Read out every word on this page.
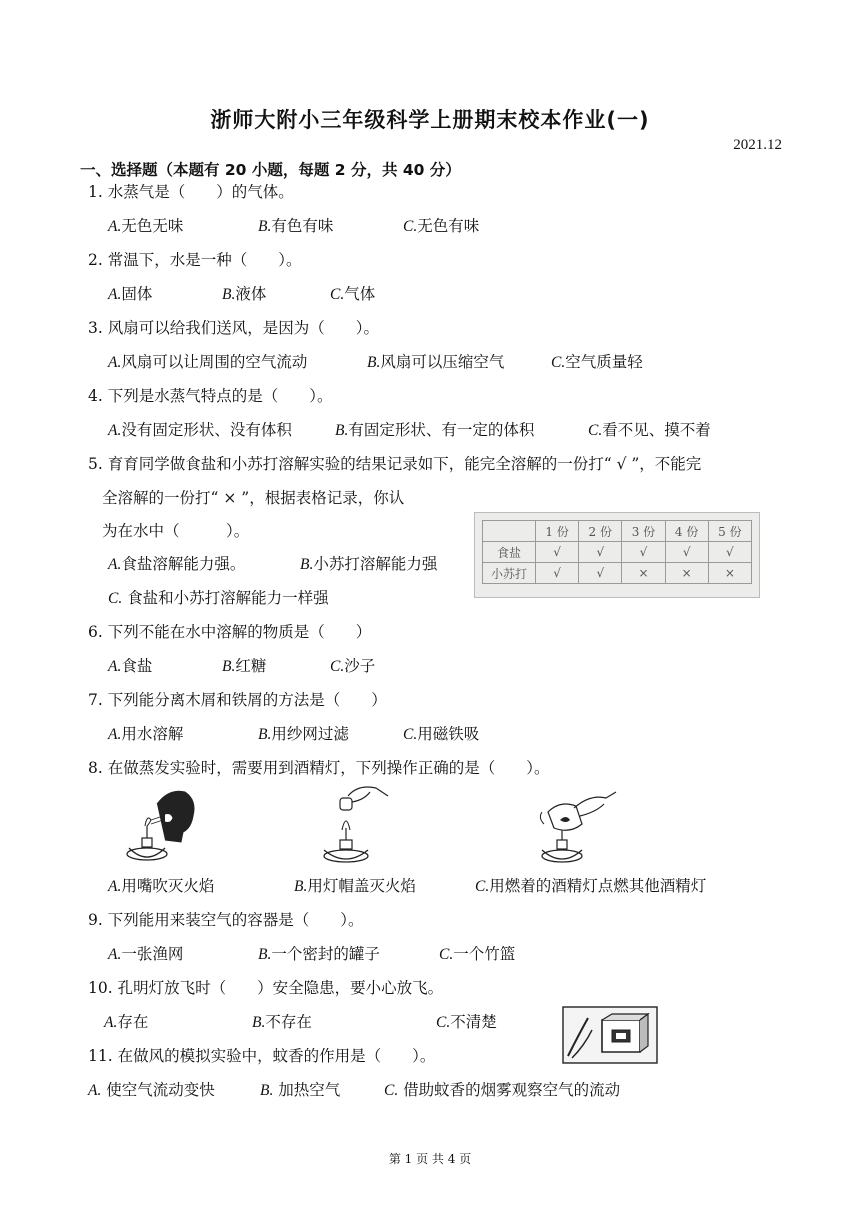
浙师大附小三年级科学上册期末校本作业(一)
2021.12
一、选择题（本题有 20 小题，每题 2 分，共 40 分）
1. 水蒸气是（　　）的气体。
A.无色无味	B.有色有味	C.无色有味
2. 常温下，水是一种（　　）。
A.固体	B.液体	C.气体
3. 风扇可以给我们送风，是因为（　　）。
A.风扇可以让周围的空气流动	B.风扇可以压缩空气	C.空气质量轻
4. 下列是水蒸气特点的是（　　）。
A.没有固定形状、没有体积	B.有固定形状、有一定的体积	C.看不见、摸不着
5. 育育同学做食盐和小苏打溶解实验的结果记录如下，能完全溶解的一份打“ √ ”，不能完
全溶解的一份打“ × ”，根据表格记录，你认
为在水中（　　　）。
A.食盐溶解能力强。	B.小苏打溶解能力强
C. 食盐和小苏打溶解能力一样强
	1 份	2 份	3 份	4 份	5 份
食盐	√	√	√	√	√
小苏打	√	√	×	×	×
6. 下列不能在水中溶解的物质是（　　）
A.食盐	B.红糖	C.沙子
7. 下列能分离木屑和铁屑的方法是（　　）
A.用水溶解	B.用纱网过滤	C.用磁铁吸
8. 在做蒸发实验时，需要用到酒精灯，下列操作正确的是（　　）。
A.用嘴吹灭火焰	B.用灯帽盖灭火焰	C.用燃着的酒精灯点燃其他酒精灯
9. 下列能用来装空气的容器是（　　）。
A.一张渔网	B.一个密封的罐子	C.一个竹篮
10. 孔明灯放飞时（　　）安全隐患，要小心放飞。
A.存在	B.不存在	C.不清楚
11. 在做风的模拟实验中，蚊香的作用是（　　）。
A. 使空气流动变快	B. 加热空气	C. 借助蚊香的烟雾观察空气的流动
第 1 页 共 4 页
